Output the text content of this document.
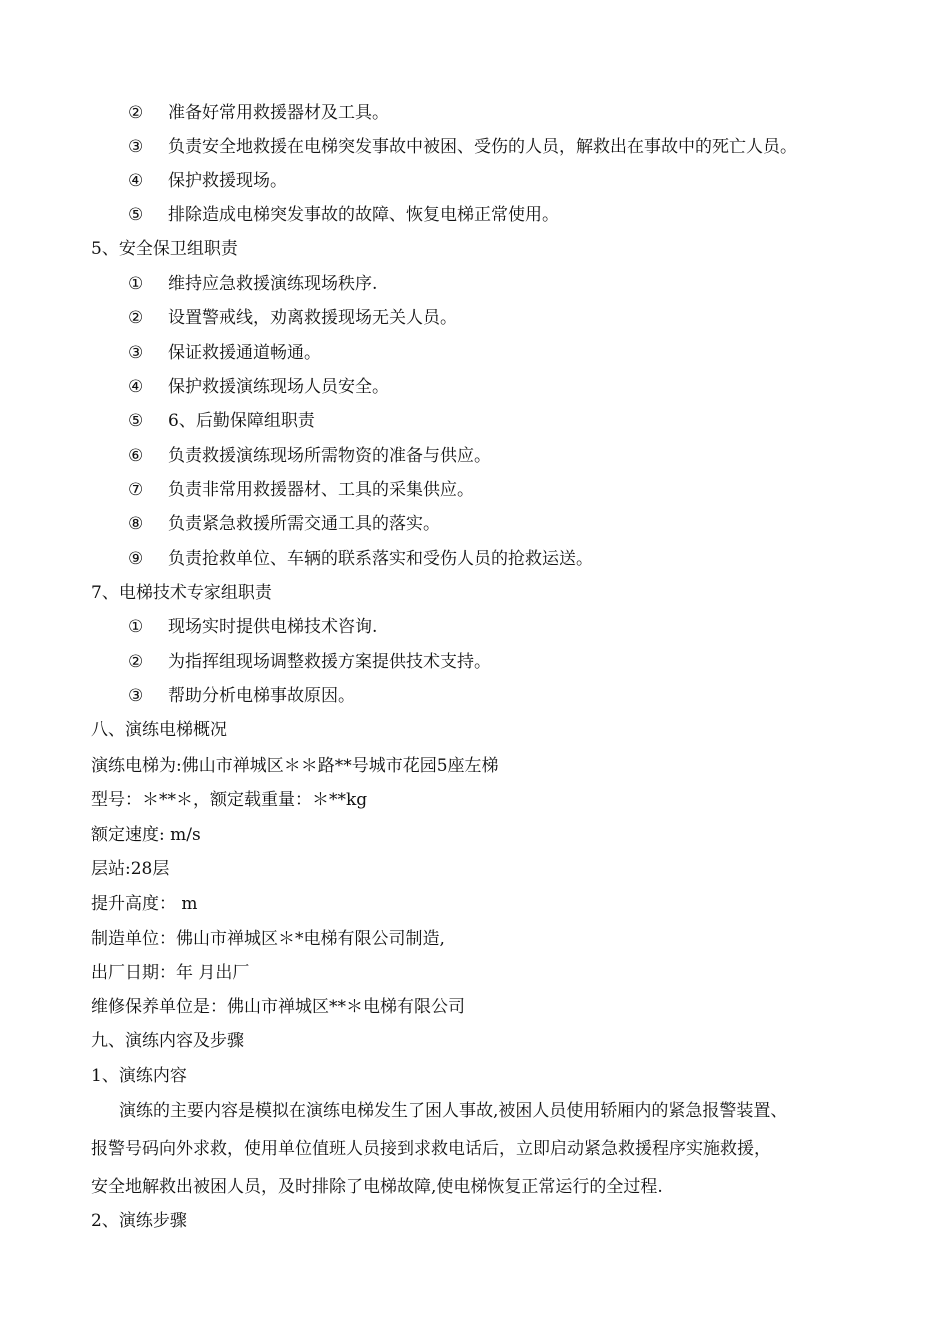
② 准备好常用救援器材及工具。
③ 负责安全地救援在电梯突发事故中被困、受伤的人员，解救出在事故中的死亡人员。
④ 保护救援现场。
⑤ 排除造成电梯突发事故的故障、恢复电梯正常使用。
5、安全保卫组职责
① 维持应急救援演练现场秩序.
② 设置警戒线，劝离救援现场无关人员。
③ 保证救援通道畅通。
④ 保护救援演练现场人员安全。
⑤ 6、后勤保障组职责
⑥ 负责救援演练现场所需物资的准备与供应。
⑦ 负责非常用救援器材、工具的采集供应。
⑧ 负责紧急救援所需交通工具的落实。
⑨ 负责抢救单位、车辆的联系落实和受伤人员的抢救运送。
7、电梯技术专家组职责
① 现场实时提供电梯技术咨询.
② 为指挥组现场调整救援方案提供技术支持。
③ 帮助分析电梯事故原因。
八、演练电梯概况
演练电梯为:佛山市禅城区＊＊路**号城市花园5座左梯
型号：＊**＊，额定载重量：＊**kg
额定速度: m/s
层站:28层
提升高度： m
制造单位：佛山市禅城区＊*电梯有限公司制造,
出厂日期：年 月出厂
维修保养单位是：佛山市禅城区**＊电梯有限公司
九、演练内容及步骤
1、演练内容
演练的主要内容是模拟在演练电梯发生了困人事故,被困人员使用轿厢内的紧急报警装置、
报警号码向外求救，使用单位值班人员接到求救电话后，立即启动紧急救援程序实施救援，
安全地解救出被困人员，及时排除了电梯故障,使电梯恢复正常运行的全过程.
2、演练步骤
